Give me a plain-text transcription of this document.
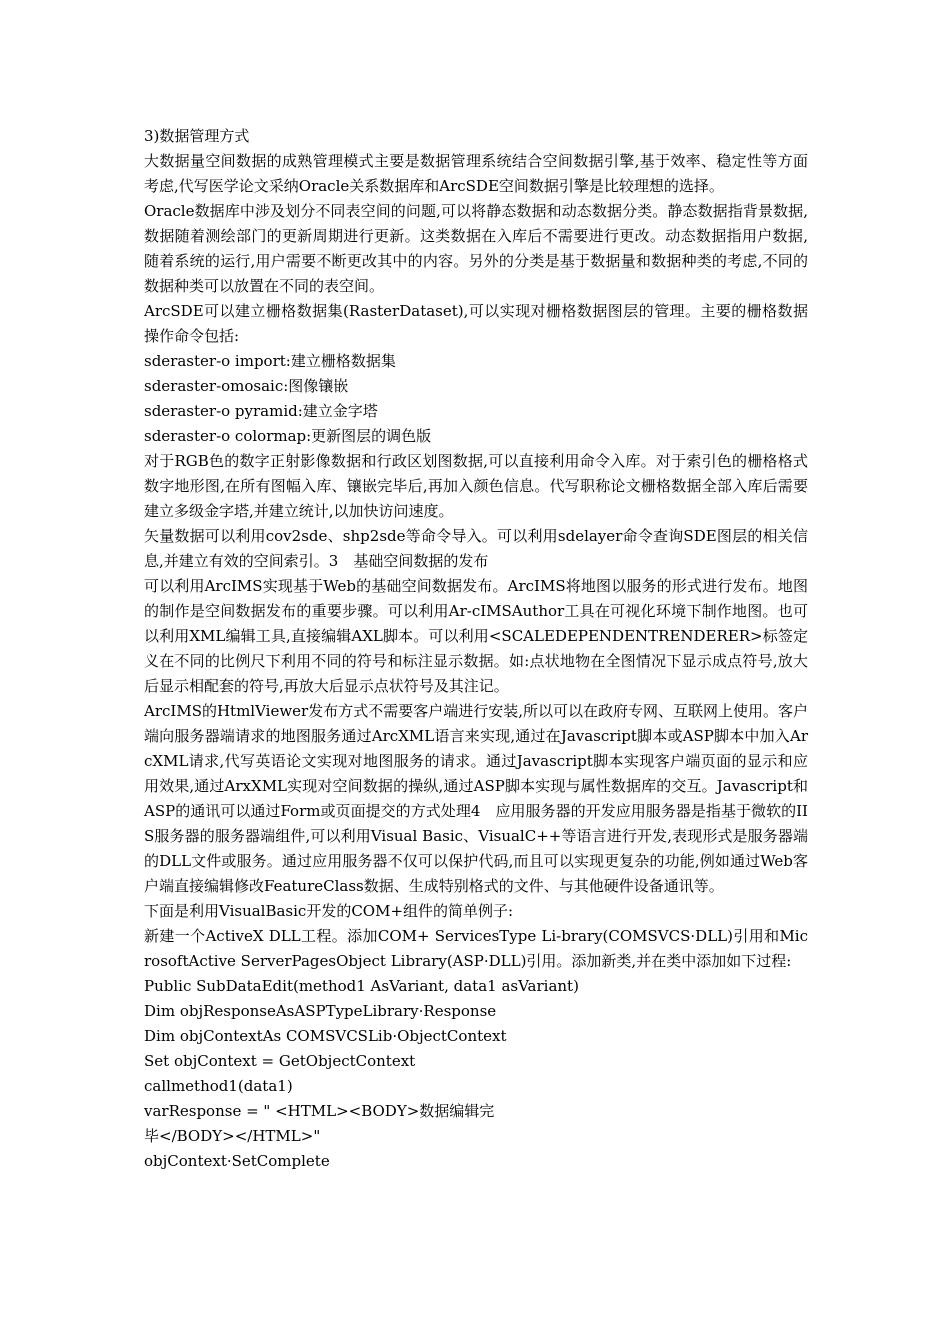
3)数据管理方式

大数据量空间数据的成熟管理模式主要是数据管理系统结合空间数据引擎,基于效率、稳定性等方面考虑,代写医学论文采纳Oracle关系数据库和ArcSDE空间数据引擎是比较理想的选择。

Oracle数据库中涉及划分不同表空间的问题,可以将静态数据和动态数据分类。静态数据指背景数据,数据随着测绘部门的更新周期进行更新。这类数据在入库后不需要进行更改。动态数据指用户数据,随着系统的运行,用户需要不断更改其中的内容。另外的分类是基于数据量和数据种类的考虑,不同的数据种类可以放置在不同的表空间。

ArcSDE可以建立栅格数据集(RasterDataset),可以实现对栅格数据图层的管理。主要的栅格数据操作命令包括:

sderaster-o import:建立栅格数据集

sderaster-omosaic:图像镶嵌

sderaster-o pyramid:建立金字塔

sderaster-o colormap:更新图层的调色版

对于RGB色的数字正射影像数据和行政区划图数据,可以直接利用命令入库。对于索引色的栅格格式数字地形图,在所有图幅入库、镶嵌完毕后,再加入颜色信息。代写职称论文栅格数据全部入库后需要建立多级金字塔,并建立统计,以加快访问速度。

矢量数据可以利用cov2sde、shp2sde等命令导入。可以利用sdelayer命令查询SDE图层的相关信息,并建立有效的空间索引。3　基础空间数据的发布

可以利用ArcIMS实现基于Web的基础空间数据发布。ArcIMS将地图以服务的形式进行发布。地图的制作是空间数据发布的重要步骤。可以利用Ar-cIMSAuthor工具在可视化环境下制作地图。也可以利用XML编辑工具,直接编辑AXL脚本。可以利用<SCALEDEPENDENTRENDERER>标签定义在不同的比例尺下利用不同的符号和标注显示数据。如:点状地物在全图情况下显示成点符号,放大后显示相配套的符号,再放大后显示点状符号及其注记。

ArcIMS的HtmlViewer发布方式不需要客户端进行安装,所以可以在政府专网、互联网上使用。客户端向服务器端请求的地图服务通过ArcXML语言来实现,通过在Javascript脚本或ASP脚本中加入ArcXML请求,代写英语论文实现对地图服务的请求。通过Javascript脚本实现客户端页面的显示和应用效果,通过ArxXML实现对空间数据的操纵,通过ASP脚本实现与属性数据库的交互。Javascript和ASP的通讯可以通过Form或页面提交的方式处理4　应用服务器的开发应用服务器是指基于微软的IIS服务器的服务器端组件,可以利用Visual Basic、VisualC++等语言进行开发,表现形式是服务器端的DLL文件或服务。通过应用服务器不仅可以保护代码,而且可以实现更复杂的功能,例如通过Web客户端直接编辑修改FeatureClass数据、生成特别格式的文件、与其他硬件设备通讯等。

下面是利用VisualBasic开发的COM+组件的简单例子:

新建一个ActiveX DLL工程。添加COM+ ServicesType Li-brary(COMSVCS·DLL)引用和MicrosoftActive ServerPagesObject Library(ASP·DLL)引用。添加新类,并在类中添加如下过程:

Public SubDataEdit(method1 AsVariant, data1 asVariant)

Dim objResponseAsASPTypeLibrary·Response

Dim objContextAs COMSVCSLib·ObjectContext

Set objContext = GetObjectContext

callmethod1(data1)

varResponse = " <HTML><BODY>数据编辑完

毕</BODY></HTML>"

objContext·SetComplete
